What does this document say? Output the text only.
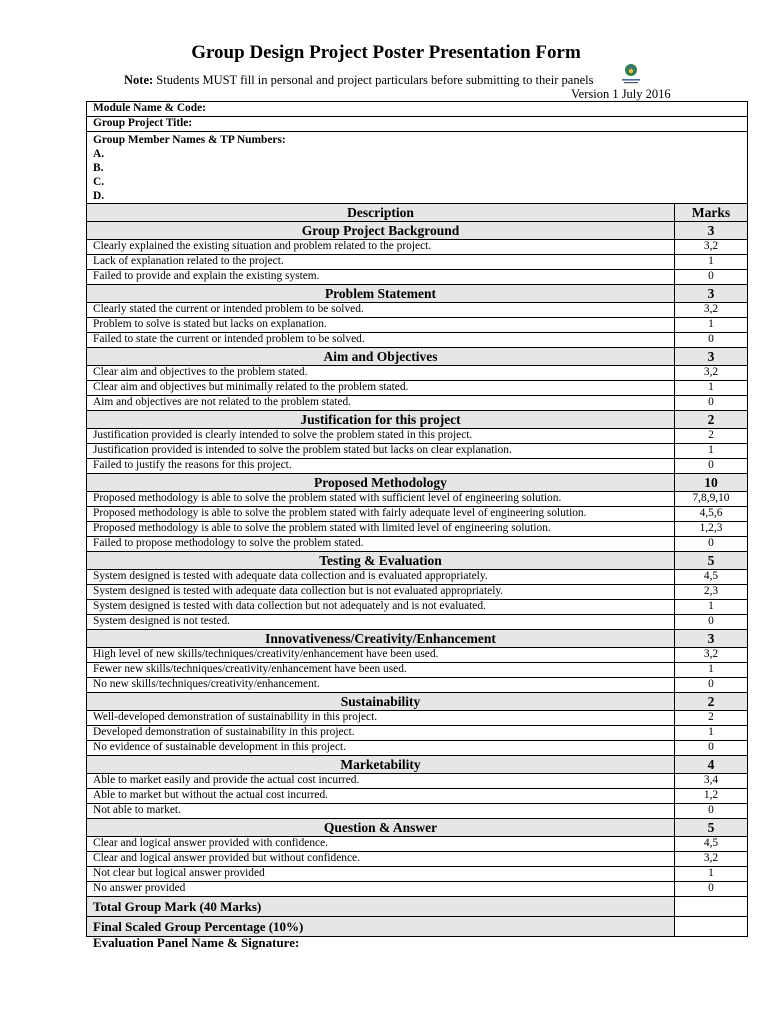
Group Design Project Poster Presentation Form
Note: Students MUST fill in personal and project particulars before submitting to their panels
Version 1 July 2016
Module Name & Code:	
Group Project Title:	

Group Member Names & TP Numbers:
A.
B.
C.
D.	

Description	Marks
Group Project Background	3
Clearly explained the existing situation and problem related to the project.	3,2
Lack of explanation related to the project.	1
Failed to provide and explain the existing system.	0
Problem Statement	3
Clearly stated the current or intended problem to be solved.	3,2
Problem to solve is stated but lacks on explanation.	1
Failed to state the current or intended problem to be solved.	0
Aim and Objectives	3
Clear aim and objectives to the problem stated.	3,2
Clear aim and objectives but minimally related to the problem stated.	1
Aim and objectives are not related to the problem stated.	0
Justification for this project	2
Justification provided is clearly intended to solve the problem stated in this project.	2
Justification provided is intended to solve the problem stated but lacks on clear explanation.	1
Failed to justify the reasons for this project.	0
Proposed Methodology	10
Proposed methodology is able to solve the problem stated with sufficient level of engineering solution.	7,8,9,10
Proposed methodology is able to solve the problem stated with fairly adequate level of engineering solution.	4,5,6
Proposed methodology is able to solve the problem stated with limited level of engineering solution.	1,2,3
Failed to propose methodology to solve the problem stated.	0
Testing & Evaluation	5
System designed is tested with adequate data collection and is evaluated appropriately.	4,5
System designed is tested with adequate data collection but is not evaluated appropriately.	2,3
System designed is tested with data collection but not adequately and is not evaluated.	1
System designed is not tested.	0
Innovativeness/Creativity/Enhancement	3
High level of new skills/techniques/creativity/enhancement have been used.	3,2
Fewer new skills/techniques/creativity/enhancement have been used.	1
No new skills/techniques/creativity/enhancement.	0
Sustainability	2
Well-developed demonstration of sustainability in this project.	2
Developed demonstration of sustainability in this project.	1
No evidence of sustainable development in this project.	0
Marketability	4
Able to market easily and provide the actual cost incurred.	3,4
Able to market but without the actual cost incurred.	1,2
Not able to market.	0
Question & Answer	5
Clear and logical answer provided with confidence.	4,5
Clear and logical answer provided but without confidence.	3,2
Not clear but logical answer provided	1
No answer provided	0
Total Group Mark (40 Marks)	
Final Scaled Group Percentage (10%)	
Evaluation Panel Name & Signature:
